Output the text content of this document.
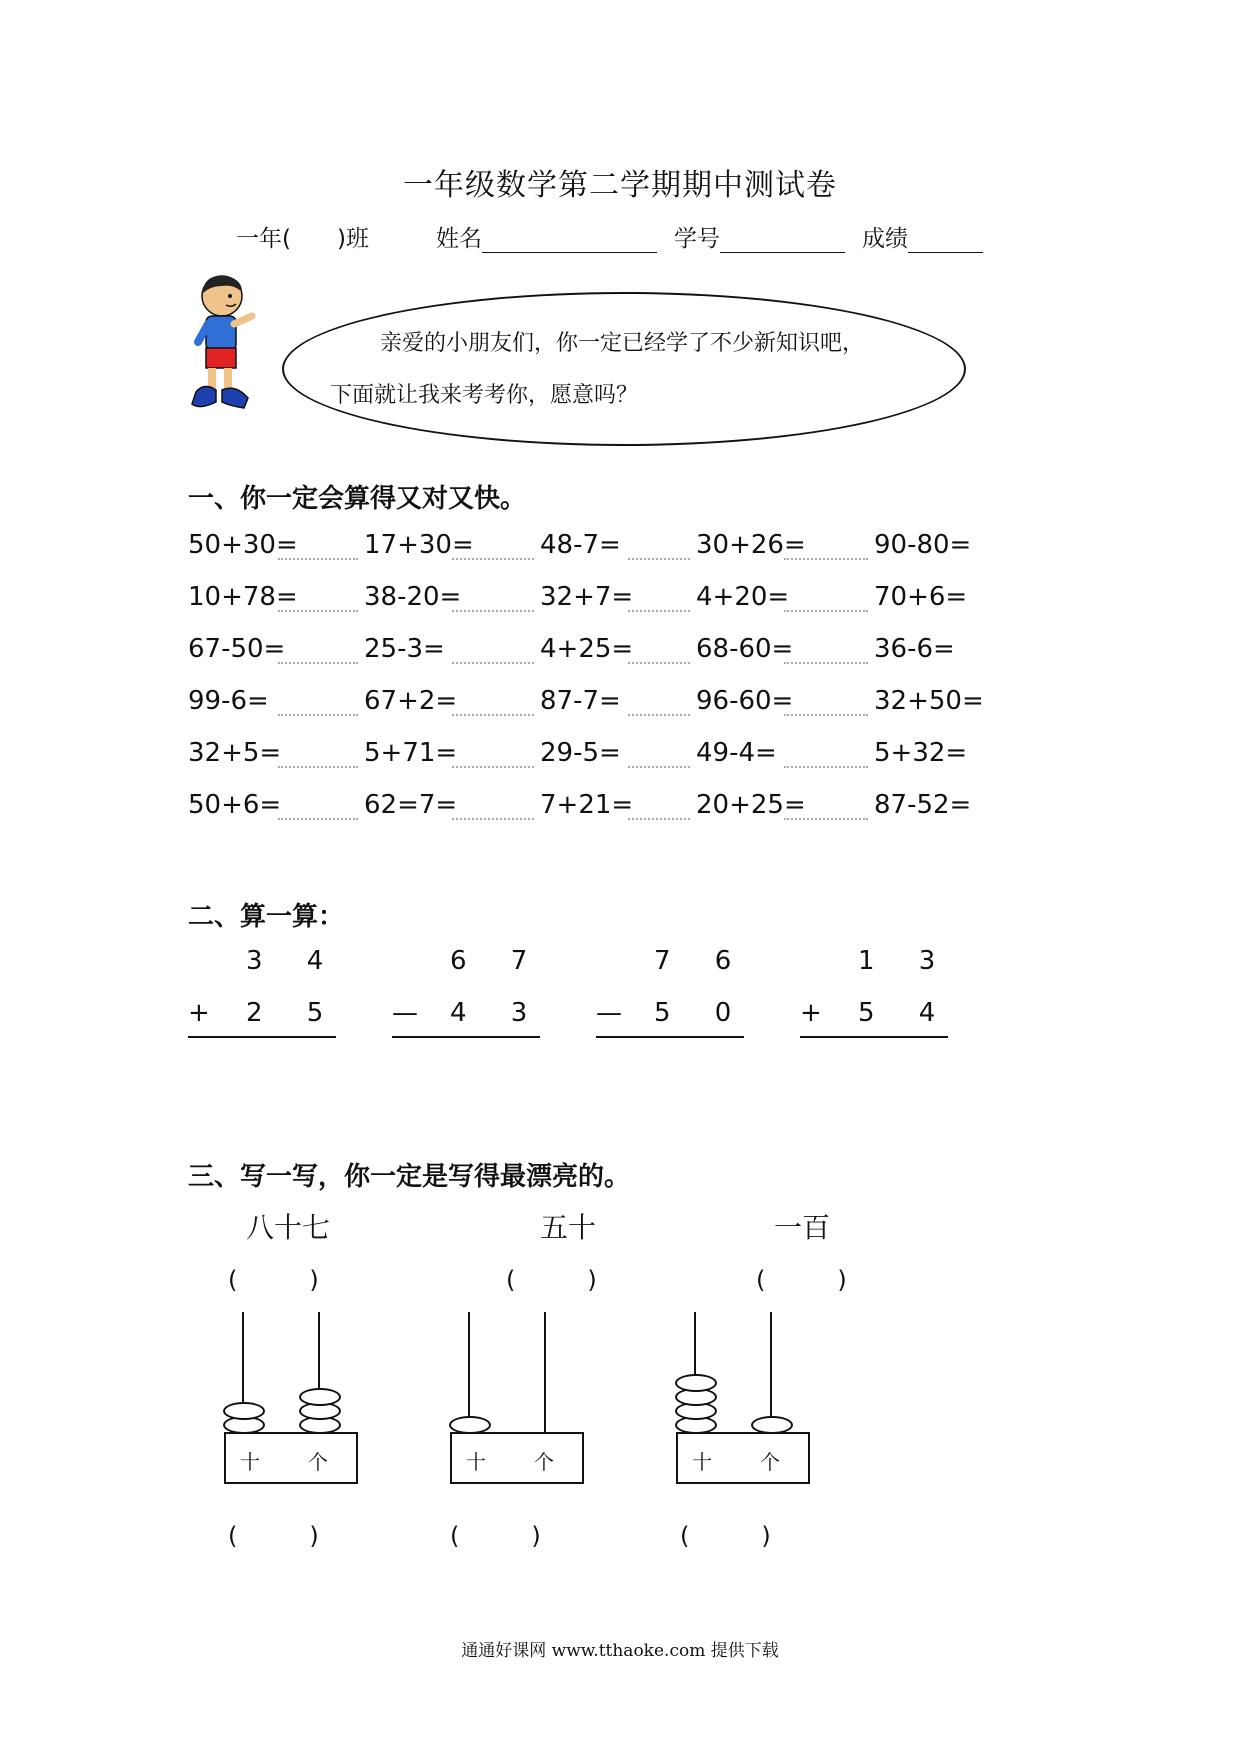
一年级数学第二学期期中测试卷
一年(　　)班	姓名	学号	成绩
亲爱的小朋友们，你一定已经学了不少新知识吧，
下面就让我来考考你，愿意吗？
一、你一定会算得又对又快。
50+30=	17+30=	48-7=	30+26=	90-80=
10+78=	38-20=	32+7= 4+20=	70+6=
67-50=	25-3=	4+25= 68-60=	36-6=
99-6=	67+2=	87-7=	96-60=	32+50=
32+5=	5+71=	29-5=	49-4=	5+32=
50+6=	62=7=	7+21= 20+25=	87-52=
二、算一算：
3 4
+ 2 5
6 7
— 4 3
7 6
— 5 0
1 3
+ 5 4
三、写一写，你一定是写得最漂亮的。
八十七	五十	一百
(　　　)	(　　　)	(　　　)
十 个	十 个	十 个
(　　　)	(　　　)	(　　　)
通通好课网 www.tthaoke.com 提供下载
